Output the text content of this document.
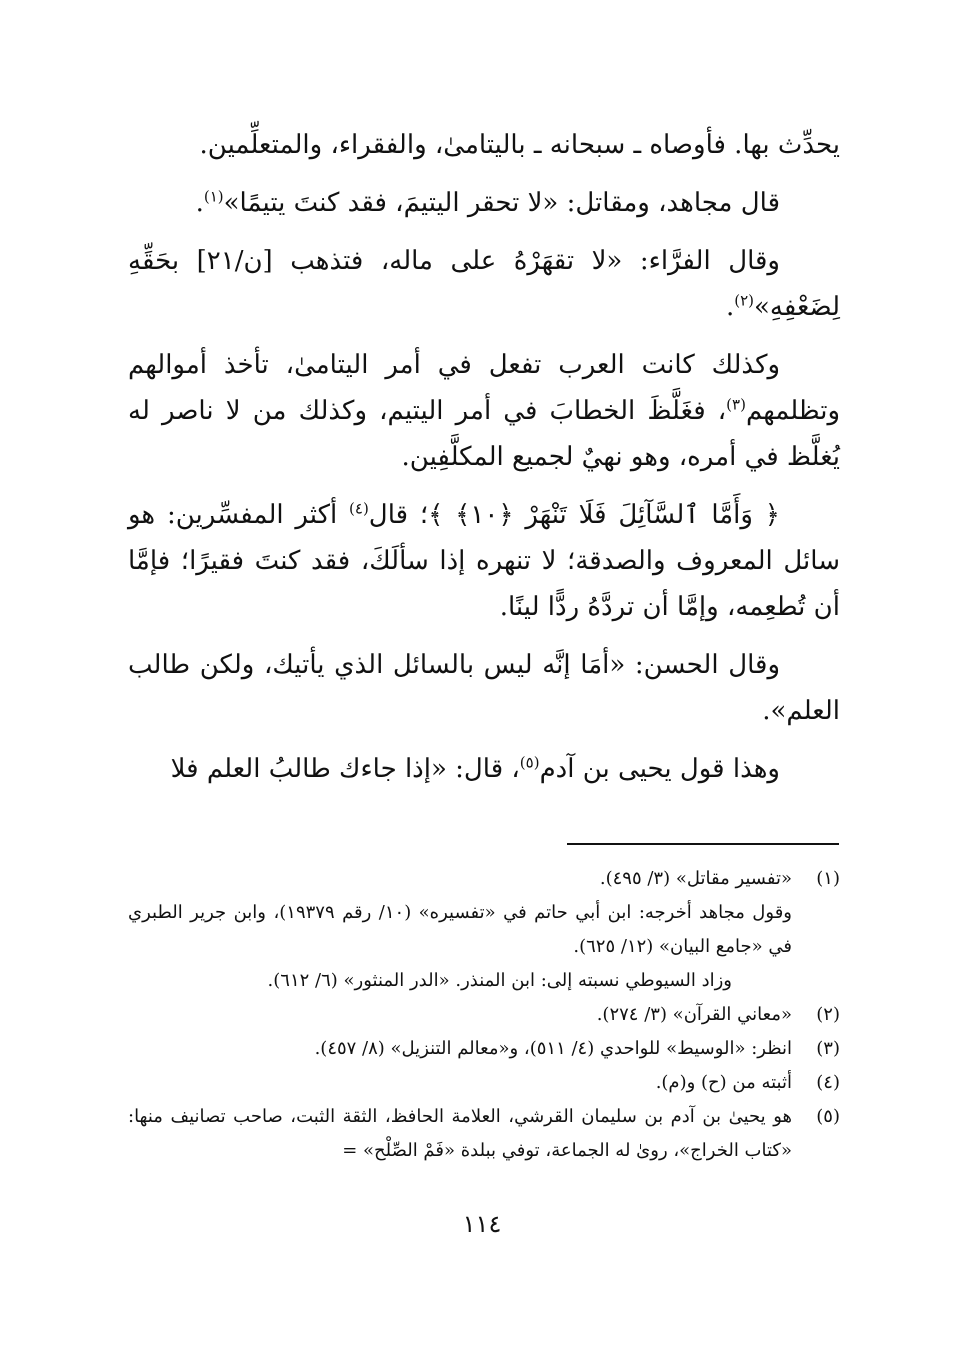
يحدِّث بها. فأوصاه ـ سبحانه ـ باليتامىٰ، والفقراء، والمتعلِّمين.

قال مجاهد، ومقاتل: «لا تحقر اليتيمَ، فقد كنتَ يتيمًا»$^{(١)}$.

وقال الفرَّاء: «لا تقهَرْهُ على ماله، فتذهب [ن/٢١] بحَقِّهِ لِضَعْفِهِ»$^{(٢)}$.

وكذلك كانت العرب تفعل في أمر اليتامىٰ، تأخذ أموالهم وتظلمهم$^{(٣)}$، فغَلَّظَ الخطابَ في أمر اليتيم، وكذلك من لا ناصر له يُغلَّظ في أمره، وهو نهيٌ لجميع المكلَّفِين.

﴿ وَأَمَّا ٱلسَّآئِلَ فَلَا تَنْهَرْ ﴿١٠﴾ ﴾؛ قال$^{(٤)}$ أكثر المفسِّرين: هو سائل المعروف والصدقة؛ لا تنهره إذا سألَكَ، فقد كنتَ فقيرًا؛ فإمَّا أن تُطعِمه، وإمَّا أن تردَّهُ ردًّا لينًا.

وقال الحسن: «أمَا إنَّه ليس بالسائل الذي يأتيك، ولكن طالب العلم».

وهذا قول يحيى بن آدم$^{(٥)}$، قال: «إذا جاءك طالبُ العلم فلا

(١)
«تفسير مقاتل» (٣/ ٤٩٥).
وقول مجاهد أخرجه: ابن أبي حاتم في «تفسيره» (١٠/ رقم ١٩٣٧٩)، وابن جرير الطبري في «جامع البيان» (١٢/ ٦٢٥).
وزاد السيوطي نسبته إلى: ابن المنذر. «الدر المنثور» (٦/ ٦١٢).
(٢)
«معاني القرآن» (٣/ ٢٧٤).
(٣)
انظر: «الوسيط» للواحدي (٤/ ٥١١)، و«معالم التنزيل» (٨/ ٤٥٧).
(٤)
أثبته من (ح) و(م).
(٥)
هو يحيىٰ بن آدم بن سليمان القرشي، العلامة الحافظ، الثقة الثبت، صاحب تصانيف منها: «كتاب الخراج»، روىٰ له الجماعة، توفي ببلدة «فَمْ الصِّلْح» =
١١٤
